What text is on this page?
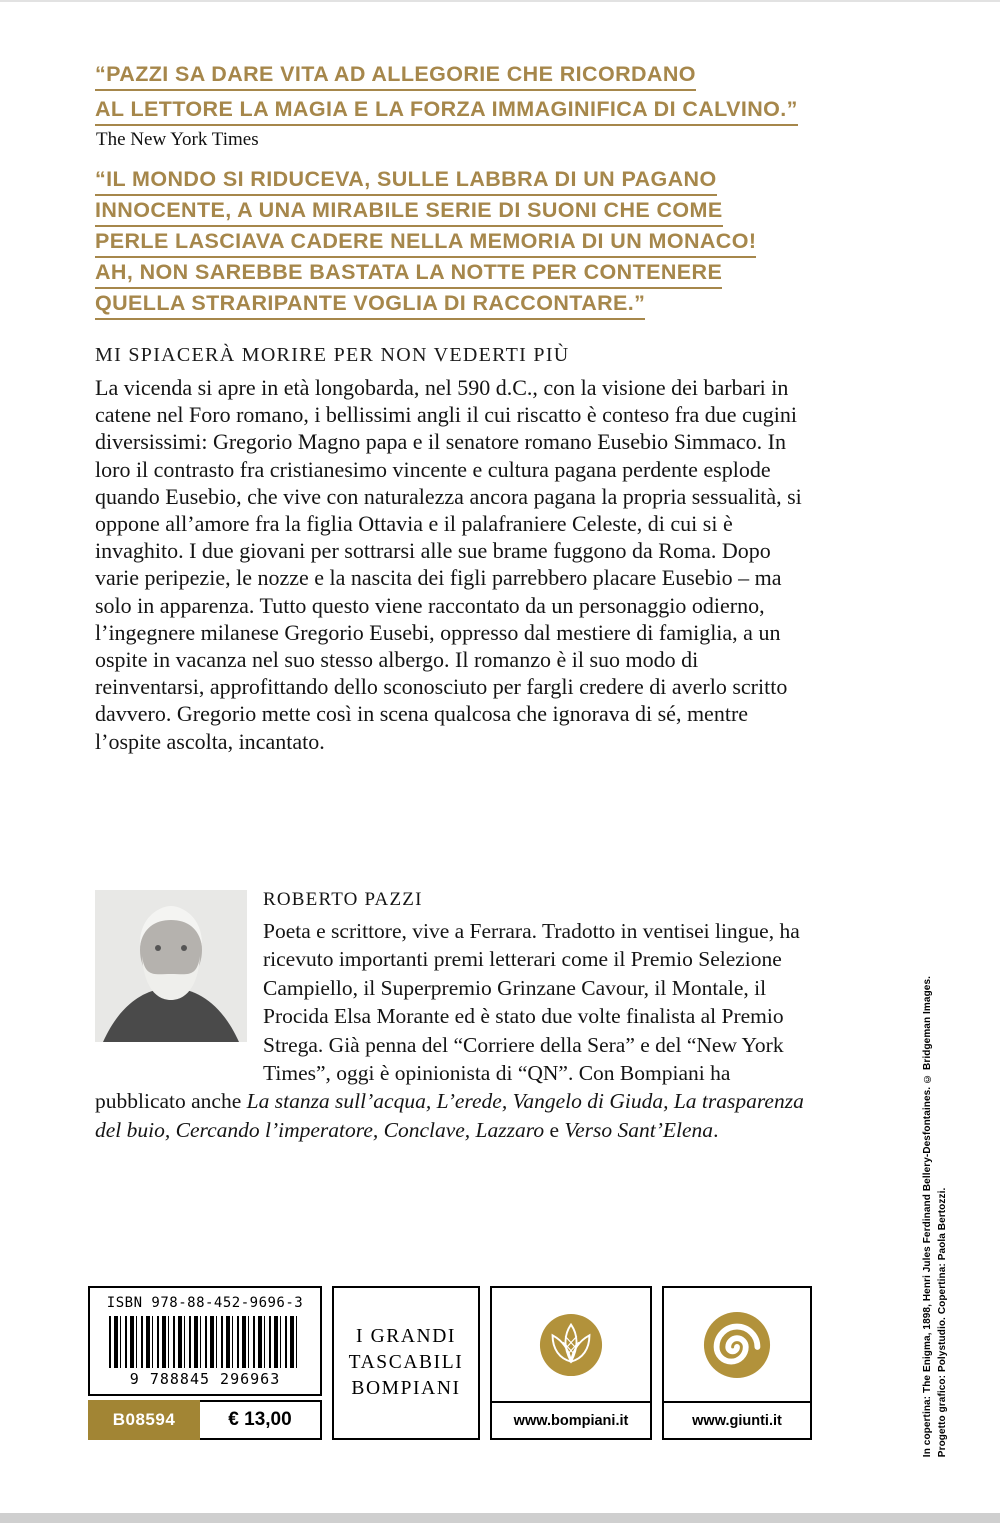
“PAZZI SA DARE VITA AD ALLEGORIE CHE RICORDANO
AL LETTORE LA MAGIA E LA FORZA IMMAGINIFICA DI CALVINO.”
The New York Times
“IL MONDO SI RIDUCEVA, SULLE LABBRA DI UN PAGANO
INNOCENTE, A UNA MIRABILE SERIE DI SUONI CHE COME
PERLE LASCIAVA CADERE NELLA MEMORIA DI UN MONACO!
AH, NON SAREBBE BASTATA LA NOTTE PER CONTENERE
QUELLA STRARIPANTE VOGLIA DI RACCONTARE.”
MI SPIACERÀ MORIRE PER NON VEDERTI PIÙ

La vicenda si apre in età longobarda, nel 590 d.C., con la visione dei barbari in catene nel Foro romano, i bellissimi angli il cui riscatto è conteso fra due cugini diversissimi: Gregorio Magno papa e il senatore romano Eusebio Simmaco. In loro il contrasto fra cristianesimo vincente e cultura pagana perdente esplode quando Eusebio, che vive con naturalezza ancora pagana la propria sessualità, si oppone all’amore fra la figlia Ottavia e il palafraniere Celeste, di cui si è invaghito. I due giovani per sottrarsi alle sue brame fuggono da Roma. Dopo varie peripezie, le nozze e la nascita dei figli parrebbero placare Eusebio – ma solo in apparenza. Tutto questo viene raccontato da un personaggio odierno, l’ingegnere milanese Gregorio Eusebi, oppresso dal mestiere di famiglia, a un ospite in vacanza nel suo stesso albergo. Il romanzo è il suo modo di reinventarsi, approfittando dello sconosciuto per fargli credere di averlo scritto davvero. Gregorio mette così in scena qualcosa che ignorava di sé, mentre l’ospite ascolta, incantato.

ROBERTO PAZZI

Poeta e scrittore, vive a Ferrara. Tradotto in ventisei lingue, ha ricevuto importanti premi letterari come il Premio Selezione Campiello, il Superpremio Grinzane Cavour, il Montale, il Procida Elsa Morante ed è stato due volte finalista al Premio Strega. Già penna del “Corriere della Sera” e del “New York Times”, oggi è opinionista di “QN”. Con Bompiani ha pubblicato anche La stanza sull’acqua, L’erede, Vangelo di Giuda, La trasparenza del buio, Cercando l’imperatore, Conclave, Lazzaro e Verso Sant’Elena.

ISBN 978-88-452-9696-3
9 788845 296963
B08594	€ 13,00
I GRANDI
TASCABILI
BOMPIANI
www.bompiani.it	www.giunti.it	In copertina: The Enigma, 1898, Henri Jules Ferdinand Bellery-Desfontaines. © Bridgeman Images. Progetto grafico: Polystudio. Copertina: Paola Bertozzi.
